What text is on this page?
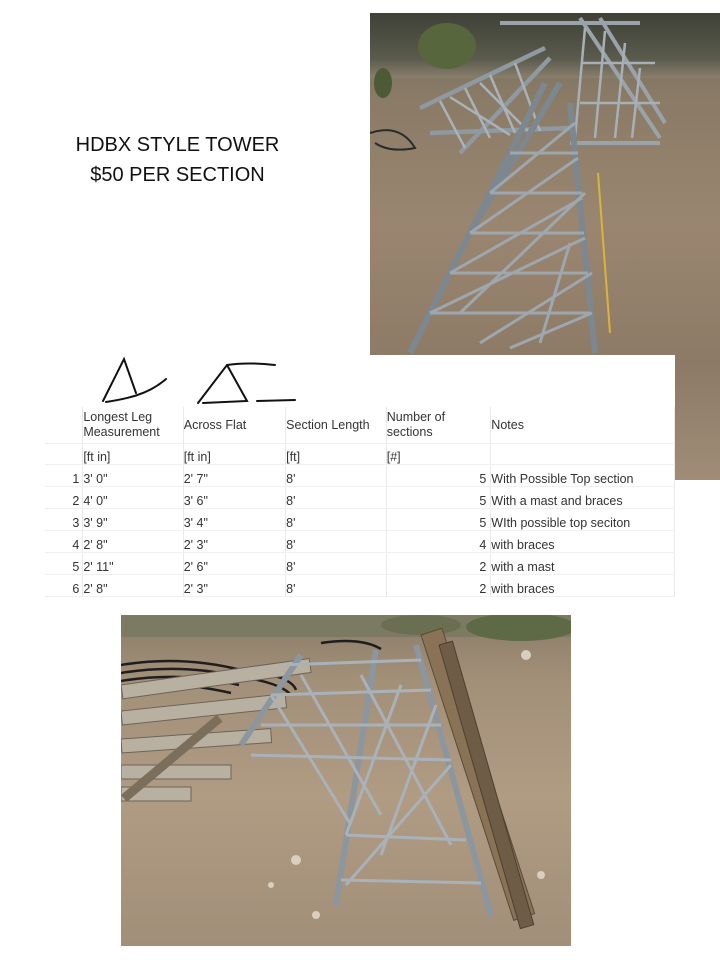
HDBX STYLE TOWER
$50 PER SECTION
	Longest Leg Measurement	Across Flat	Section Length	Number of sections	Notes
	[ft in]	[ft in]	[ft]	[#]	
1	3' 0"	2' 7"	8'	5	With Possible Top section
2	4' 0"	3' 6"	8'	5	With a mast and braces
3	3' 9"	3' 4"	8'	5	WIth possible top seciton
4	2' 8"	2' 3"	8'	4	with braces
5	2' 11"	2' 6"	8'	2	with a mast
6	2' 8"	2' 3"	8'	2	with braces
